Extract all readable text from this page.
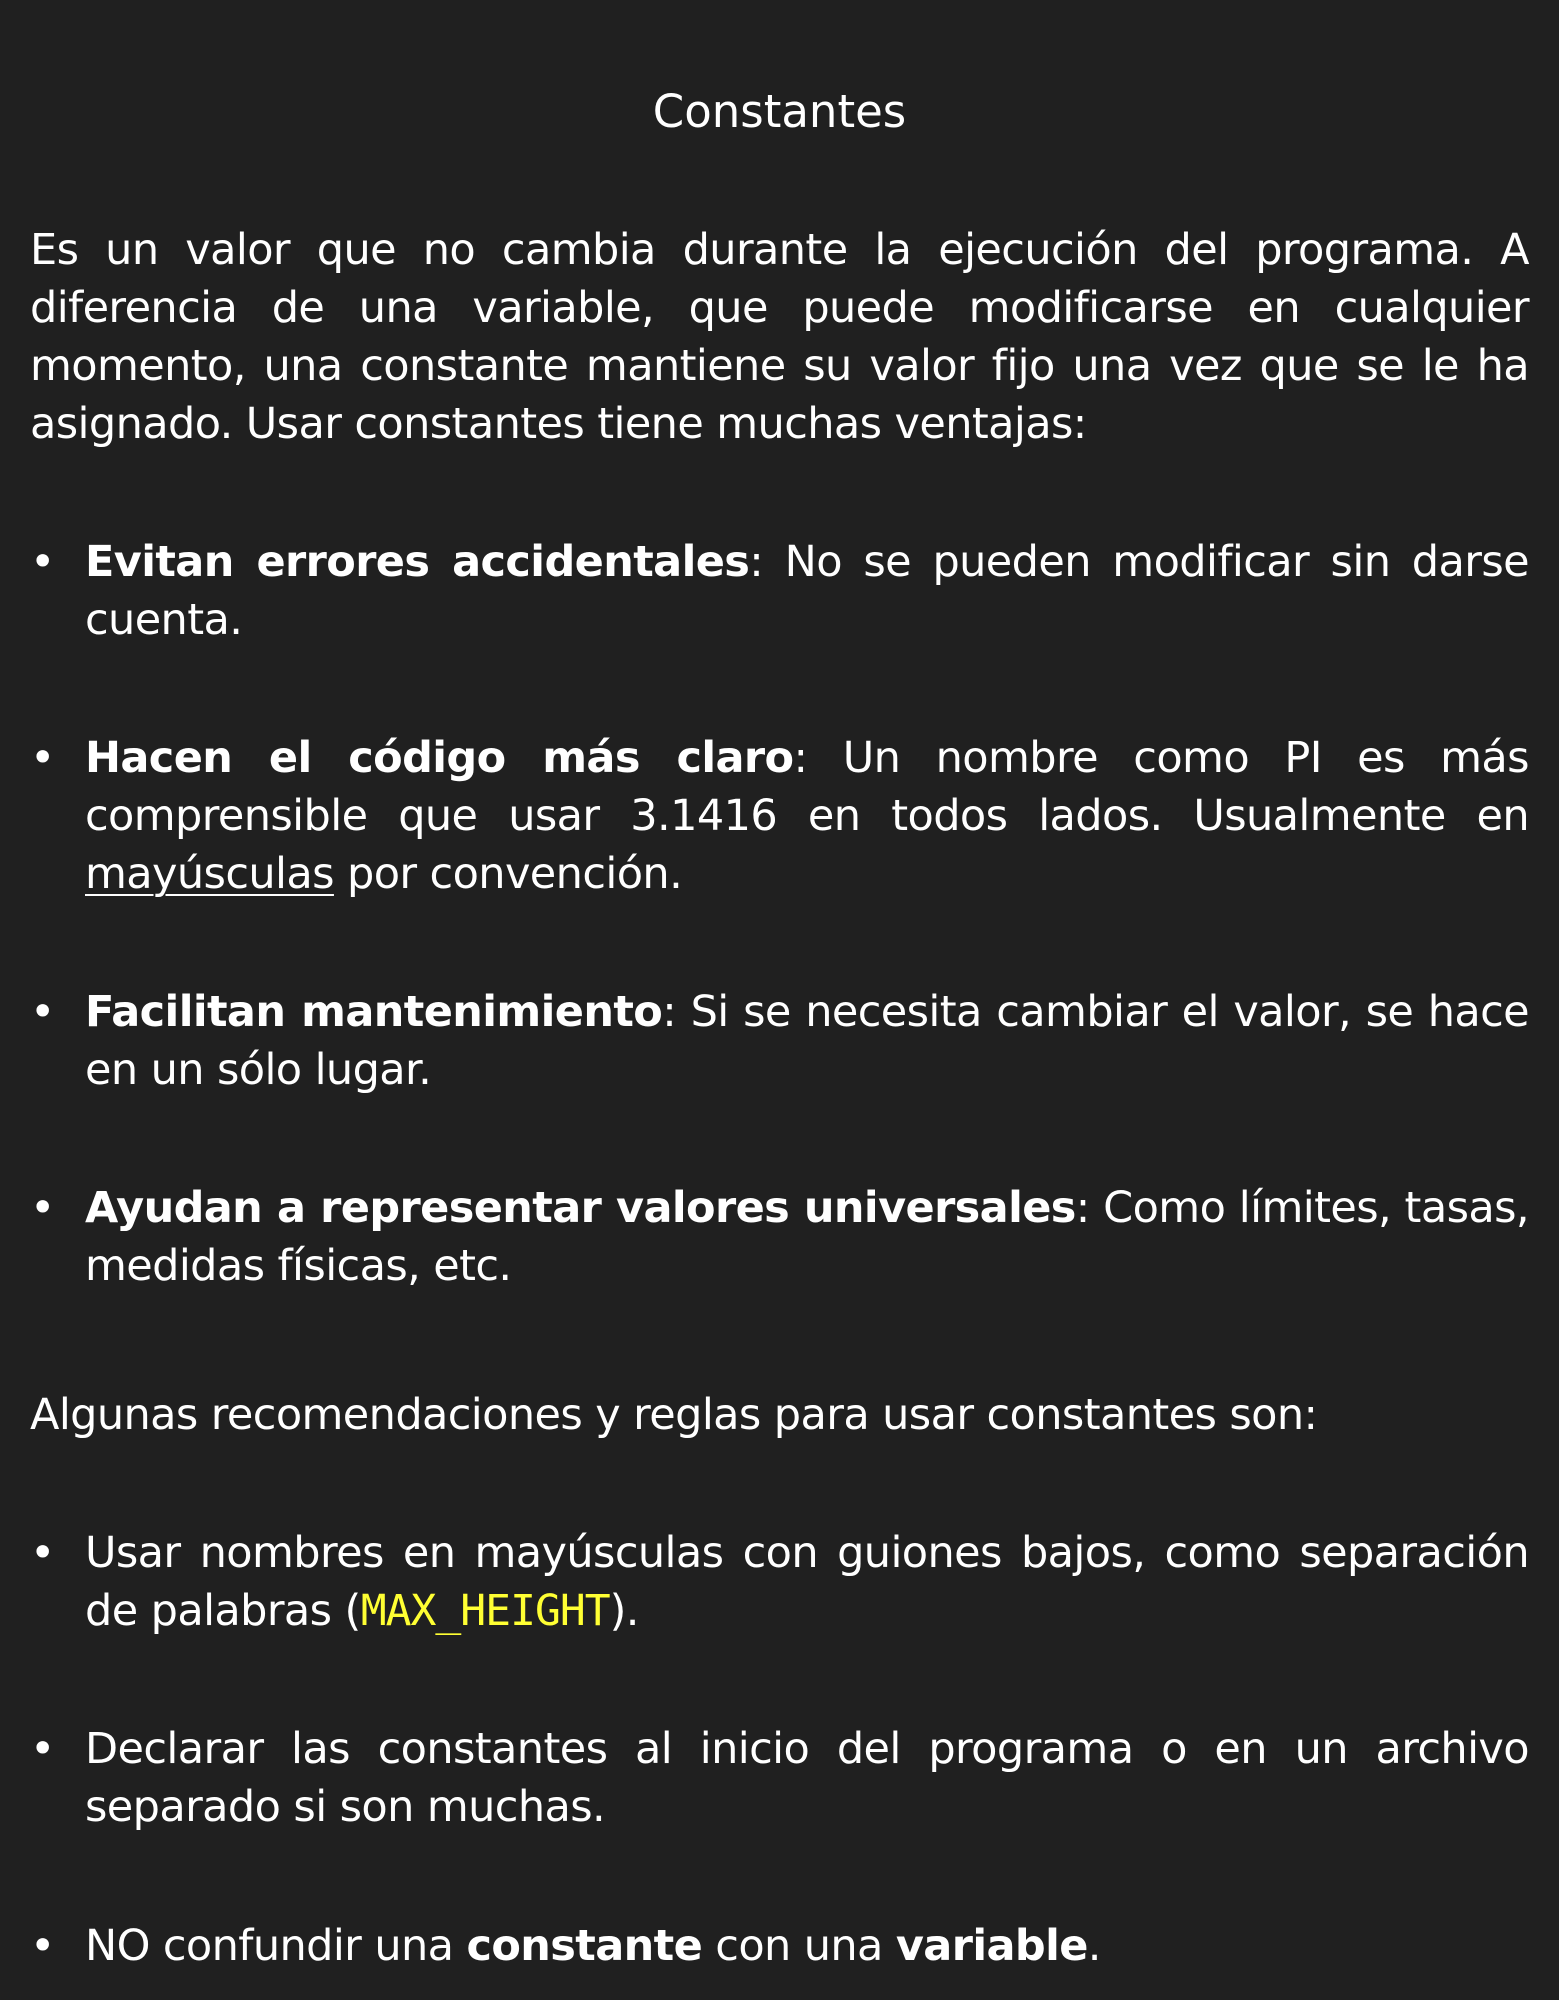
Constantes
Es un valor que no cambia durante la ejecución del programa. A diferencia de una variable, que puede modificarse en cualquier momento, una constante mantiene su valor fijo una vez que se le ha asignado. Usar constantes tiene muchas ventajas:
• Evitan errores accidentales: No se pueden modificar sin darse cuenta.
• Hacen el código más claro: Un nombre como PI es más comprensible que usar 3.1416 en todos lados. Usualmente en mayúsculas por convención.
• Facilitan mantenimiento: Si se necesita cambiar el valor, se hace en un sólo lugar.
• Ayudan a representar valores universales: Como límites, tasas, medidas físicas, etc.
Algunas recomendaciones y reglas para usar constantes son:
• Usar nombres en mayúsculas con guiones bajos, como separación de palabras (MAX_HEIGHT).
• Declarar las constantes al inicio del programa o en un archivo separado si son muchas.
• NO confundir una constante con una variable.
